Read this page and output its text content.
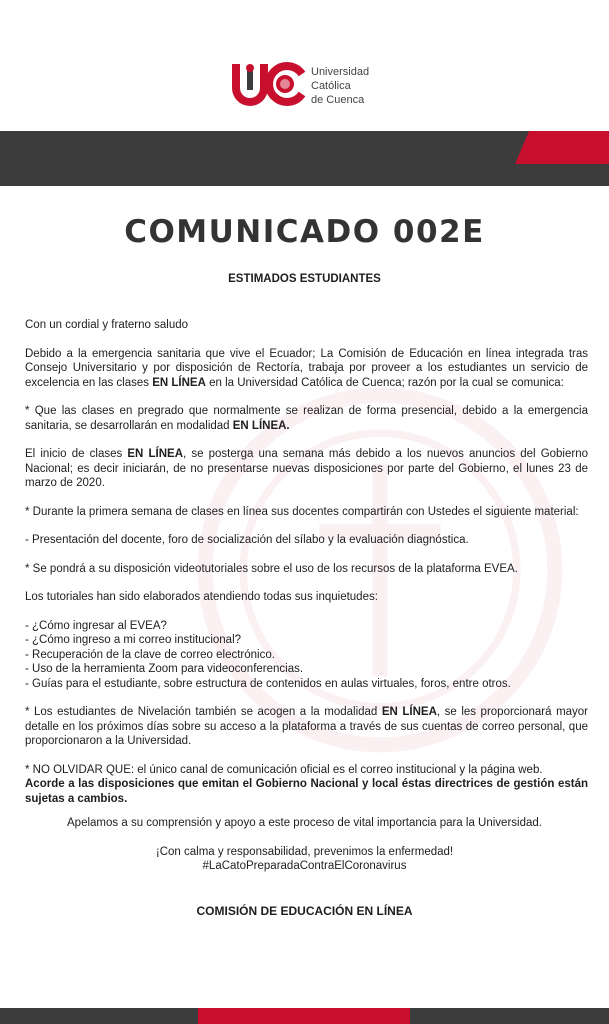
Universidad
Católica
de Cuenca
COMUNICADO 002E
ESTIMADOS ESTUDIANTES

Con un cordial y fraterno saludo

Debido a la emergencia sanitaria que vive el Ecuador; La Comisión de Educación en línea integrada tras Consejo Universitario y por disposición de Rectoría, trabaja por proveer a los estudiantes un servicio de excelencia en las clases EN LÍNEA en la Universidad Católica de Cuenca; razón por la cual se comunica:

* Que las clases en pregrado que normalmente se realizan de forma presencial, debido a la emergencia sanitaria, se desarrollarán en modalidad EN LÍNEA.

El inicio de clases EN LÍNEA, se posterga una semana más debido a los nuevos anuncios del Gobierno Nacional; es decir iniciarán, de no presentarse nuevas disposiciones por parte del Gobierno, el lunes 23 de marzo de 2020.

* Durante la primera semana de clases en línea sus docentes compartirán con Ustedes el siguiente material:

- Presentación del docente, foro de socialización del sílabo y la evaluación diagnóstica.

* Se pondrá a su disposición videotutoriales sobre el uso de los recursos de la plataforma EVEA.

Los tutoriales han sido elaborados atendiendo todas sus inquietudes:

- ¿Cómo ingresar al EVEA?
- ¿Cómo ingreso a mi correo institucional?
- Recuperación de la clave de correo electrónico.
- Uso de la herramienta Zoom para videoconferencias.
- Guías para el estudiante, sobre estructura de contenidos en aulas virtuales, foros, entre otros.

* Los estudiantes de Nivelación también se acogen a la modalidad EN LÍNEA, se les proporcionará mayor detalle en los próximos días sobre su acceso a la plataforma a través de sus cuentas de correo personal, que proporcionaron a la Universidad.

* NO OLVIDAR QUE: el único canal de comunicación oficial es el correo institucional y la página web.

Acorde a las disposiciones que emitan el Gobierno Nacional y local éstas directrices de gestión están sujetas a cambios.

Apelamos a su comprensión y apoyo a este proceso de vital importancia para la Universidad.

¡Con calma y responsabilidad, prevenimos la enfermedad!
#LaCatoPreparadaContraElCoronavirus

COMISIÓN DE EDUCACIÓN EN LÍNEA
